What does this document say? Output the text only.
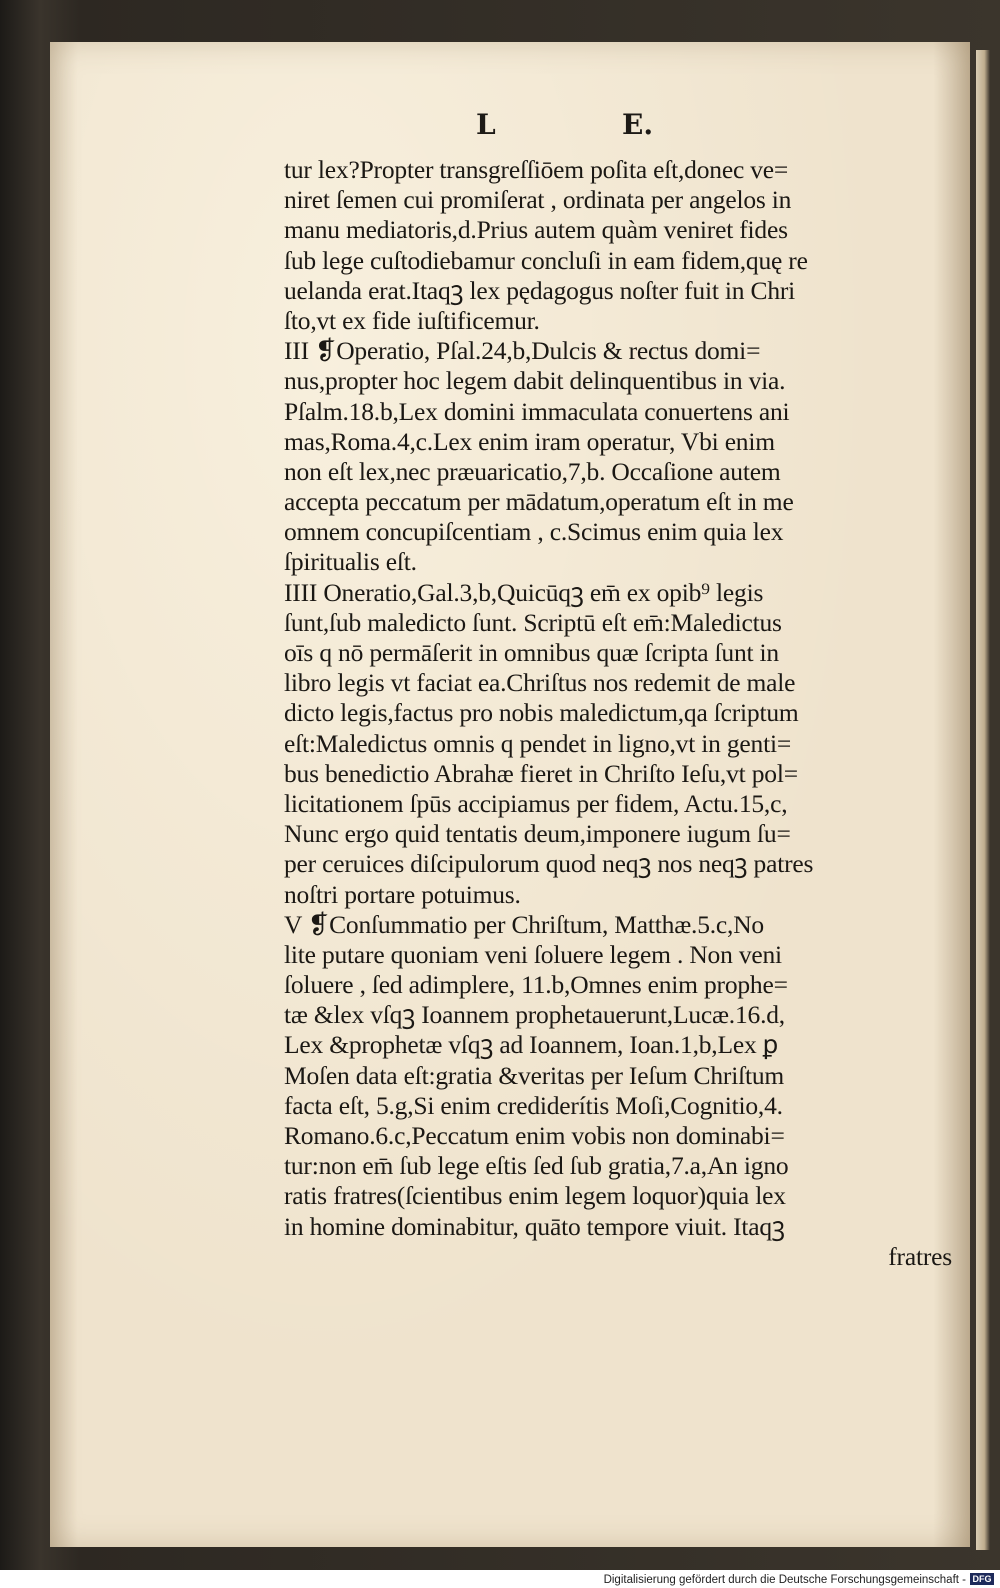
L	E.
tur lex?Propter transgreſſiōem poſita eſt,donec ve=
niret ſemen cui promiſerat , ordinata per angelos in
manu mediatoris,d.Prius autem quàm veniret fides
ſub lege cuſtodiebamur concluſi in eam fidem,quę re
uelanda erat.Itaqꝫ lex pędagogus noſter fuit in Chri
ſto,vt ex fide iuſtificemur.
III ❡Operatio, Pſal.24,b,Dulcis & rectus domi=
nus,propter hoc legem dabit delinquentibus in via.
Pſalm.18.b,Lex domini immaculata conuertens ani
mas,Roma.4,c.Lex enim iram operatur, Vbi enim
non eſt lex,nec præuaricatio,7,b. Occaſione autem
accepta peccatum per mādatum,operatum eſt in me
omnem concupiſcentiam , c.Scimus enim quia lex
ſpiritualis eſt.
IIII Oneratio,Gal.3,b,Quicūqꝫ em̄ ex opib⁹ legis
ſunt,ſub maledicto ſunt. Scriptū eſt em̄:Maledictus
oīs q nō permāſerit in omnibus quæ ſcripta ſunt in
libro legis vt faciat ea.Chriſtus nos redemit de male
dicto legis,factus pro nobis maledictum,qa ſcriptum
eſt:Maledictus omnis q pendet in ligno,vt in genti=
bus benedictio Abrahæ fieret in Chriſto Ieſu,vt pol=
licitationem ſpūs accipiamus per fidem, Actu.15,c,
Nunc ergo quid tentatis deum,imponere iugum ſu=
per ceruices diſcipulorum quod neqꝫ nos neqꝫ patres
noſtri portare potuimus.
V ❡Conſummatio per Chriſtum, Matthæ.5.c,No
lite putare quoniam veni ſoluere legem . Non veni
ſoluere , ſed adimplere, 11.b,Omnes enim prophe=
tæ &lex vſqꝫ Ioannem prophetauerunt,Lucæ.16.d,
Lex &prophetæ vſqꝫ ad Ioannem, Ioan.1,b,Lex ꝑ
Moſen data eſt:gratia &veritas per Ieſum Chriſtum
facta eſt, 5.g,Si enim crediderítis Moſi,Cognitio,4.
Romano.6.c,Peccatum enim vobis non dominabi=
tur:non em̄ ſub lege eſtis ſed ſub gratia,7.a,An igno
ratis fratres(ſcientibus enim legem loquor)quia lex
in homine dominabitur, quāto tempore viuit. Itaqꝫ
fratres
Digitalisierung gefördert durch die Deutsche Forschungsgemeinschaft - DFG
